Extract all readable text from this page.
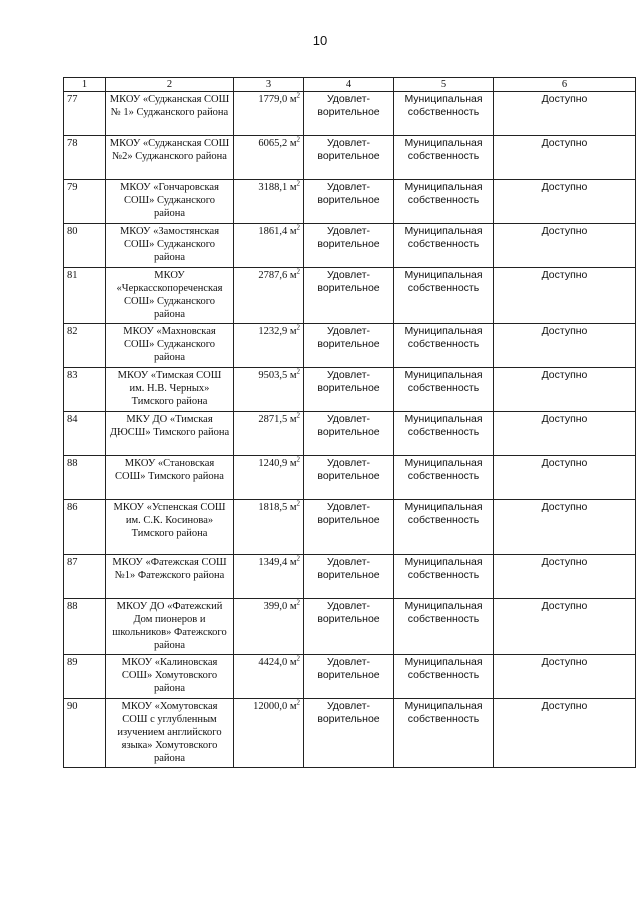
10
1	2	3	4	5	6
77	МКОУ «Суджанская СОШ № 1» Суджанского района	1779,0 $м^2$	Удовлет-ворительное	Муниципальная собственность	Доступно
78	МКОУ «Суджанская СОШ №2» Суджанского района	6065,2 $м^2$	Удовлет-ворительное	Муниципальная собственность	Доступно
79	МКОУ «Гончаровская СОШ» Суджанского района	3188,1 $м^2$	Удовлет-ворительное	Муниципальная собственность	Доступно
80	МКОУ «Замостянская СОШ» Суджанского района	1861,4 $м^2$	Удовлет-ворительное	Муниципальная собственность	Доступно
81	МКОУ «Черкасскопореченская СОШ» Суджанского района	2787,6 $м^2$	Удовлет-ворительное	Муниципальная собственность	Доступно
82	МКОУ «Махновская СОШ» Суджанского района	1232,9 $м^2$	Удовлет-ворительное	Муниципальная собственность	Доступно
83	МКОУ «Тимская СОШ им. Н.В. Черных» Тимского района	9503,5 $м^2$	Удовлет-ворительное	Муниципальная собственность	Доступно
84	МКУ ДО «Тимская ДЮСШ» Тимского района	2871,5 $м^2$	Удовлет-ворительное	Муниципальная собственность	Доступно
88	МКОУ «Становская СОШ» Тимского района	1240,9 $м^2$	Удовлет-ворительное	Муниципальная собственность	Доступно
86	МКОУ «Успенская СОШ им. С.К. Косинова» Тимского района	1818,5 $м^2$	Удовлет-ворительное	Муниципальная собственность	Доступно
87	МКОУ «Фатежская СОШ №1» Фатежского района	1349,4 $м^2$	Удовлет-ворительное	Муниципальная собственность	Доступно
88	МКОУ ДО «Фатежский Дом пионеров и школьников» Фатежского района	399,0 $м^2$	Удовлет-ворительное	Муниципальная собственность	Доступно
89	МКОУ «Калиновская СОШ» Хомутовского района	4424,0 $м^2$	Удовлет-ворительное	Муниципальная собственность	Доступно
90	МКОУ «Хомутовская СОШ с углубленным изучением английского языка» Хомутовского района	12000,0 $м^2$	Удовлет-ворительное	Муниципальная собственность	Доступно
